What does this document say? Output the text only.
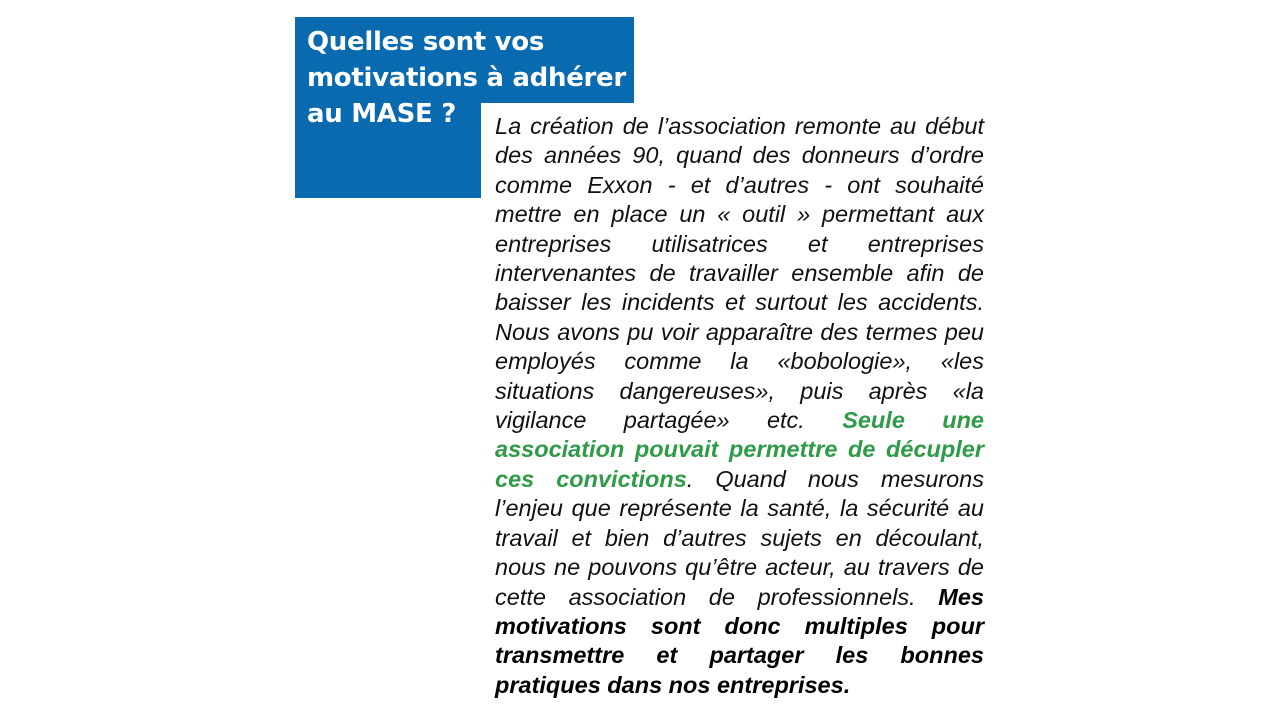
Quelles sont vos motivations à adhérer au MASE ?	La création de l’association remonte au début des années 90, quand des donneurs d’ordre comme Exxon - et d’autres - ont souhaité mettre en place un « outil » permettant aux entreprises utilisatrices et entreprises intervenantes de travailler ensemble afin de baisser les incidents et surtout les accidents. Nous avons pu voir apparaître des termes peu employés comme la «bobologie», «les situations dangereuses», puis après «la vigilance partagée» etc. Seule une association pouvait permettre de décupler ces convictions. Quand nous mesurons l’enjeu que représente la santé, la sécurité au travail et bien d’autres sujets en découlant, nous ne pouvons qu’être acteur, au travers de cette association de professionnels. Mes motivations sont donc multiples pour transmettre et partager les bonnes pratiques dans nos entreprises.
